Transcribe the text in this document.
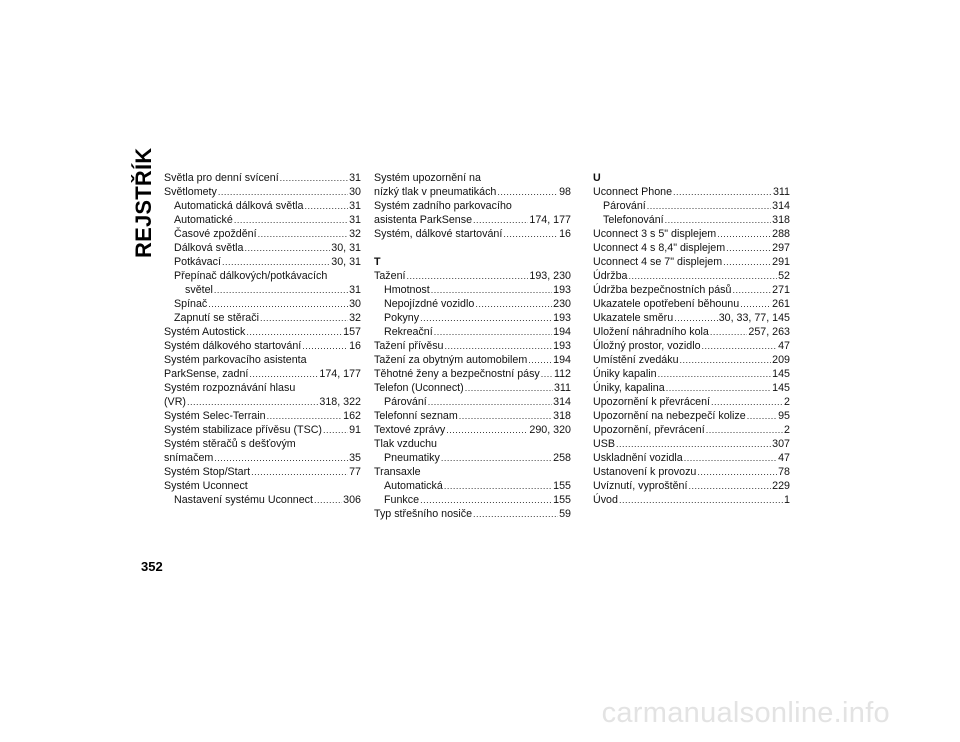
REJSTŘÍK Světla pro denní svícení .....	31
Světlomety .....	30
Automatická dálková světla .....	31
Automatické .....	31
Časové zpoždění .....	32
Dálková světla .....	30, 31
Potkávací .....	30, 31
Přepínač dálkových/potkávacích
světel .....	31
Spínač .....	30
Zapnutí se stěrači .....	32
Systém Autostick .....	157
Systém dálkového startování .....	16
Systém parkovacího asistenta
ParkSense, zadní .....	174, 177
Systém rozpoznávání hlasu
(VR) .....	318, 322
Systém Selec-Terrain .....	162
Systém stabilizace přívěsu (TSC) .....	91
Systém stěračů s dešťovým
snímačem .....	35
Systém Stop/Start .....	77
Systém Uconnect
Nastavení systému Uconnect .....	306
Systém upozornění na
nízký tlak v pneumatikách .....	98
Systém zadního parkovacího
asistenta ParkSense .....	174, 177
Systém, dálkové startování .....	16
T
Tažení .....	193, 230
Hmotnost .....	193
Nepojízdné vozidlo .....	230
Pokyny .....	193
Rekreační .....	194
Tažení přívěsu .....	193
Tažení za obytným automobilem ..... 194
Těhotné ženy a bezpečnostní pásy ..... 112
Telefon (Uconnect) .....	311
Párování .....	314
Telefonní seznam .....	318
Textové zprávy .....	290, 320
Tlak vzduchu
Pneumatiky .....	258
Transaxle
Automatická .....	155
Funkce .....	155
Typ střešního nosiče .....	59
U
Uconnect Phone .....	311
Párování .....	314
Telefonování .....	318
Uconnect 3 s 5" displejem .....	288
Uconnect 4 s 8,4" displejem .....	297
Uconnect 4 se 7" displejem .....	291
Údržba .....	52
Údržba bezpečnostních pásů .....	271
Ukazatele opotřebení běhounu .....	261
Ukazatele směru .....	30, 33, 77, 145
Uložení náhradního kola .....	257, 263
Úložný prostor, vozidlo .....	47
Umístění zvedáku .....	209
Úniky kapalin .....	145
Úniky, kapalina .....	145
Upozornění k převrácení .....	2
Upozornění na nebezpečí kolize .....	95
Upozornění, převrácení .....	2
USB .....	307
Uskladnění vozidla .....	47
Ustanovení k provozu .....	78
Uvíznutí, vyproštění .....	229
Úvod .....	1
352
carmanualsonline.info
